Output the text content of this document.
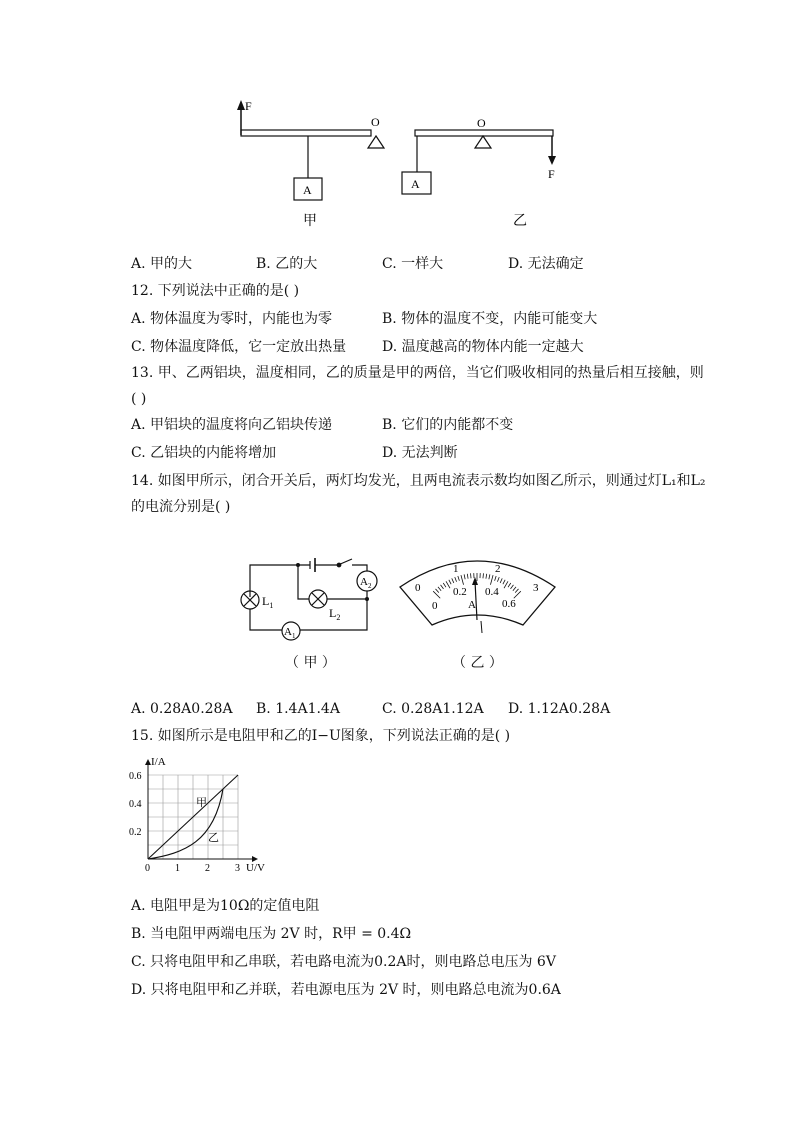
F
O
A
O
A
F
甲	乙
A. 甲的大	B. 乙的大	C. 一样大	D. 无法确定
12. 下列说法中正确的是( )
A. 物体温度为零时，内能也为零	B. 物体的温度不变，内能可能变大
C. 物体温度降低，它一定放出热量	D. 温度越高的物体内能一定越大
13. 甲、乙两铝块，温度相同，乙的质量是甲的两倍，当它们吸收相同的热量后相互接触，则
( )
A. 甲铝块的温度将向乙铝块传递	B. 它们的内能都不变
C. 乙铝块的内能将增加	D. 无法判断
14. 如图甲所示，闭合开关后，两灯均发光，且两电流表示数均如图乙所示，则通过灯L₁和L₂
的电流分别是( )
$L_1$
$L_2$
$A_1$
$A_2$
（ 甲 ）
0
1	2
3
0
0.2 0.4
0.6
A
（ 乙 ）
A. 0.28A0.28A B. 1.4A1.4A	C. 0.28A1.12A D. 1.12A0.28A
15. 如图所示是电阻甲和乙的I−U图象，下列说法正确的是( )
0	1	2	3
0.2
0.4
0.6
I/A
U/V
甲
乙
A. 电阻甲是为10Ω的定值电阻
B. 当电阻甲两端电压为 2V 时，R甲 = 0.4Ω
C. 只将电阻甲和乙串联，若电路电流为0.2A时，则电路总电压为 6V
D. 只将电阻甲和乙并联，若电源电压为 2V 时，则电路总电流为0.6A
